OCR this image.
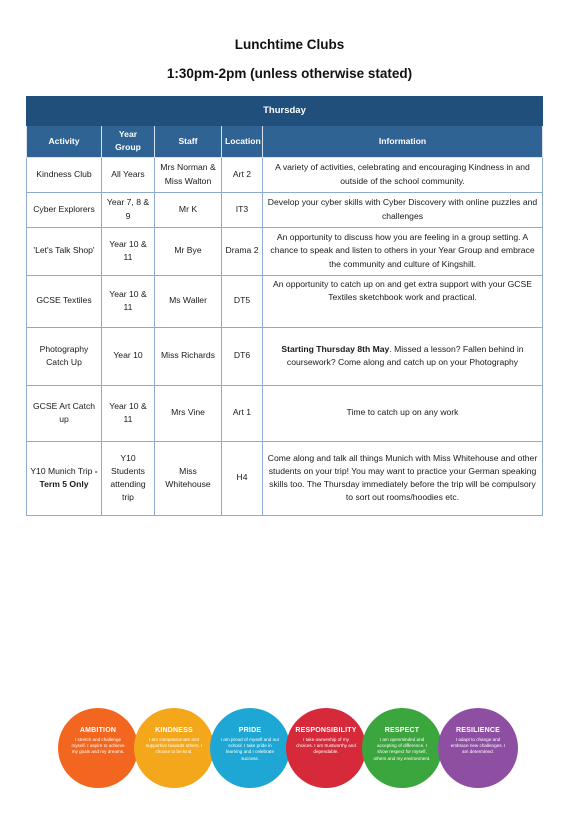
Lunchtime Clubs
1:30pm-2pm (unless otherwise stated)
Thursday				
Activity	Year Group	Staff	Location	Information
Kindness Club	All Years	Mrs Norman & Miss Walton	Art 2	A variety of activities, celebrating and encouraging Kindness in and outside of the school community.
Cyber Explorers	Year 7, 8 & 9	Mr K	IT3	Develop your cyber skills with Cyber Discovery with online puzzles and challenges
'Let's Talk Shop'	Year 10 & 11	Mr Bye	Drama 2	An opportunity to discuss how you are feeling in a group setting. A chance to speak and listen to others in your Year Group and embrace the community and culture of Kingshill.
GCSE Textiles	Year 10 & 11	Ms Waller	DT5	An opportunity to catch up on and get extra support with your GCSE Textiles sketchbook work and practical.
Photography Catch Up	Year 10	Miss Richards	DT6	Starting Thursday 8th May. Missed a lesson? Fallen behind in coursework? Come along and catch up on your Photography
GCSE Art Catch up	Year 10 & 11	Mrs Vine	Art 1	Time to catch up on any work
Y10 Munich Trip - Term 5 Only	Y10 Students attending trip	Miss Whitehouse	H4	Come along and talk all things Munich with Miss Whitehouse and other students on your trip! You may want to practice your German speaking skills too. The Thursday immediately before the trip will be compulsory to sort out rooms/hoodies etc.
AMBITION
I stretch and challenge myself. I aspire to achieve my goals and my dreams.
KINDNESS
I am compassionate and supportive towards others. I choose to be kind.
PRIDE
I am proud of myself and our school. I take pride in learning and I celebrate success.
RESPONSIBILITY
I take ownership of my choices. I am trustworthy and dependable.
RESPECT
I am openminded and accepting of difference. I show respect for myself, others and my environment.
RESILIENCE
I adapt to change and embrace new challenges. I am determined.
